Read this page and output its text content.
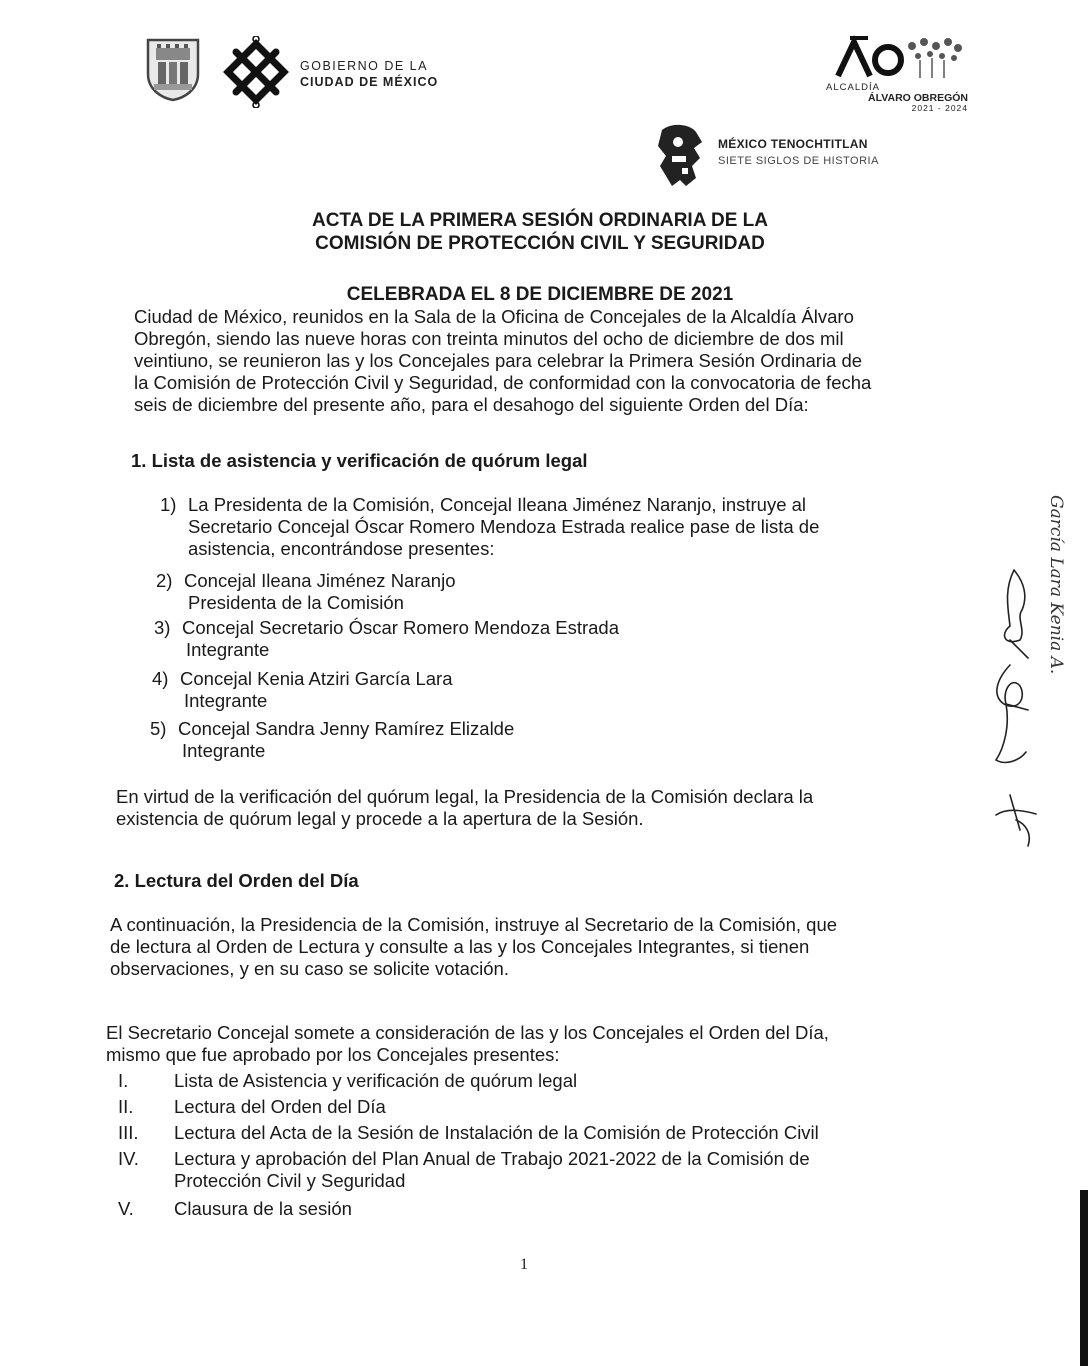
GOBIERNO DE LA
CIUDAD DE MÉXICO	ALCALDÍA
ÁLVARO OBREGÓN
2021 - 2024
MÉXICO TENOCHTITLAN
SIETE SIGLOS DE HISTORIA
ACTA DE LA PRIMERA SESIÓN ORDINARIA DE LA
COMISIÓN DE PROTECCIÓN CIVIL Y SEGURIDAD
CELEBRADA EL 8 DE DICIEMBRE DE 2021
Ciudad de México, reunidos en la Sala de la Oficina de Concejales de la Alcaldía Álvaro
Obregón, siendo las nueve horas con treinta minutos del ocho de diciembre de dos mil
veintiuno, se reunieron las y los Concejales para celebrar la Primera Sesión Ordinaria de
la Comisión de Protección Civil y Seguridad, de conformidad con la convocatoria de fecha
seis de diciembre del presente año, para el desahogo del siguiente Orden del Día:
1. Lista de asistencia y verificación de quórum legal
1) La Presidenta de la Comisión, Concejal Ileana Jiménez Naranjo, instruye al
Secretario Concejal Óscar Romero Mendoza Estrada realice pase de lista de
asistencia, encontrándose presentes:
2) Concejal Ileana Jiménez Naranjo
Presidenta de la Comisión
3) Concejal Secretario Óscar Romero Mendoza Estrada
Integrante
4) Concejal Kenia Atziri García Lara
Integrante
5) Concejal Sandra Jenny Ramírez Elizalde
Integrante
En virtud de la verificación del quórum legal, la Presidencia de la Comisión declara la
existencia de quórum legal y procede a la apertura de la Sesión.
2. Lectura del Orden del Día
A continuación, la Presidencia de la Comisión, instruye al Secretario de la Comisión, que
de lectura al Orden de Lectura y consulte a las y los Concejales Integrantes, si tienen
observaciones, y en su caso se solicite votación.
El Secretario Concejal somete a consideración de las y los Concejales el Orden del Día,
mismo que fue aprobado por los Concejales presentes:
I. Lista de Asistencia y verificación de quórum legal
II. Lectura del Orden del Día
III. Lectura del Acta de la Sesión de Instalación de la Comisión de Protección Civil
IV. Lectura y aprobación del Plan Anual de Trabajo 2021-2022 de la Comisión de
Protección Civil y Seguridad
V. Clausura de la sesión
1
García Lara Kenia A.
